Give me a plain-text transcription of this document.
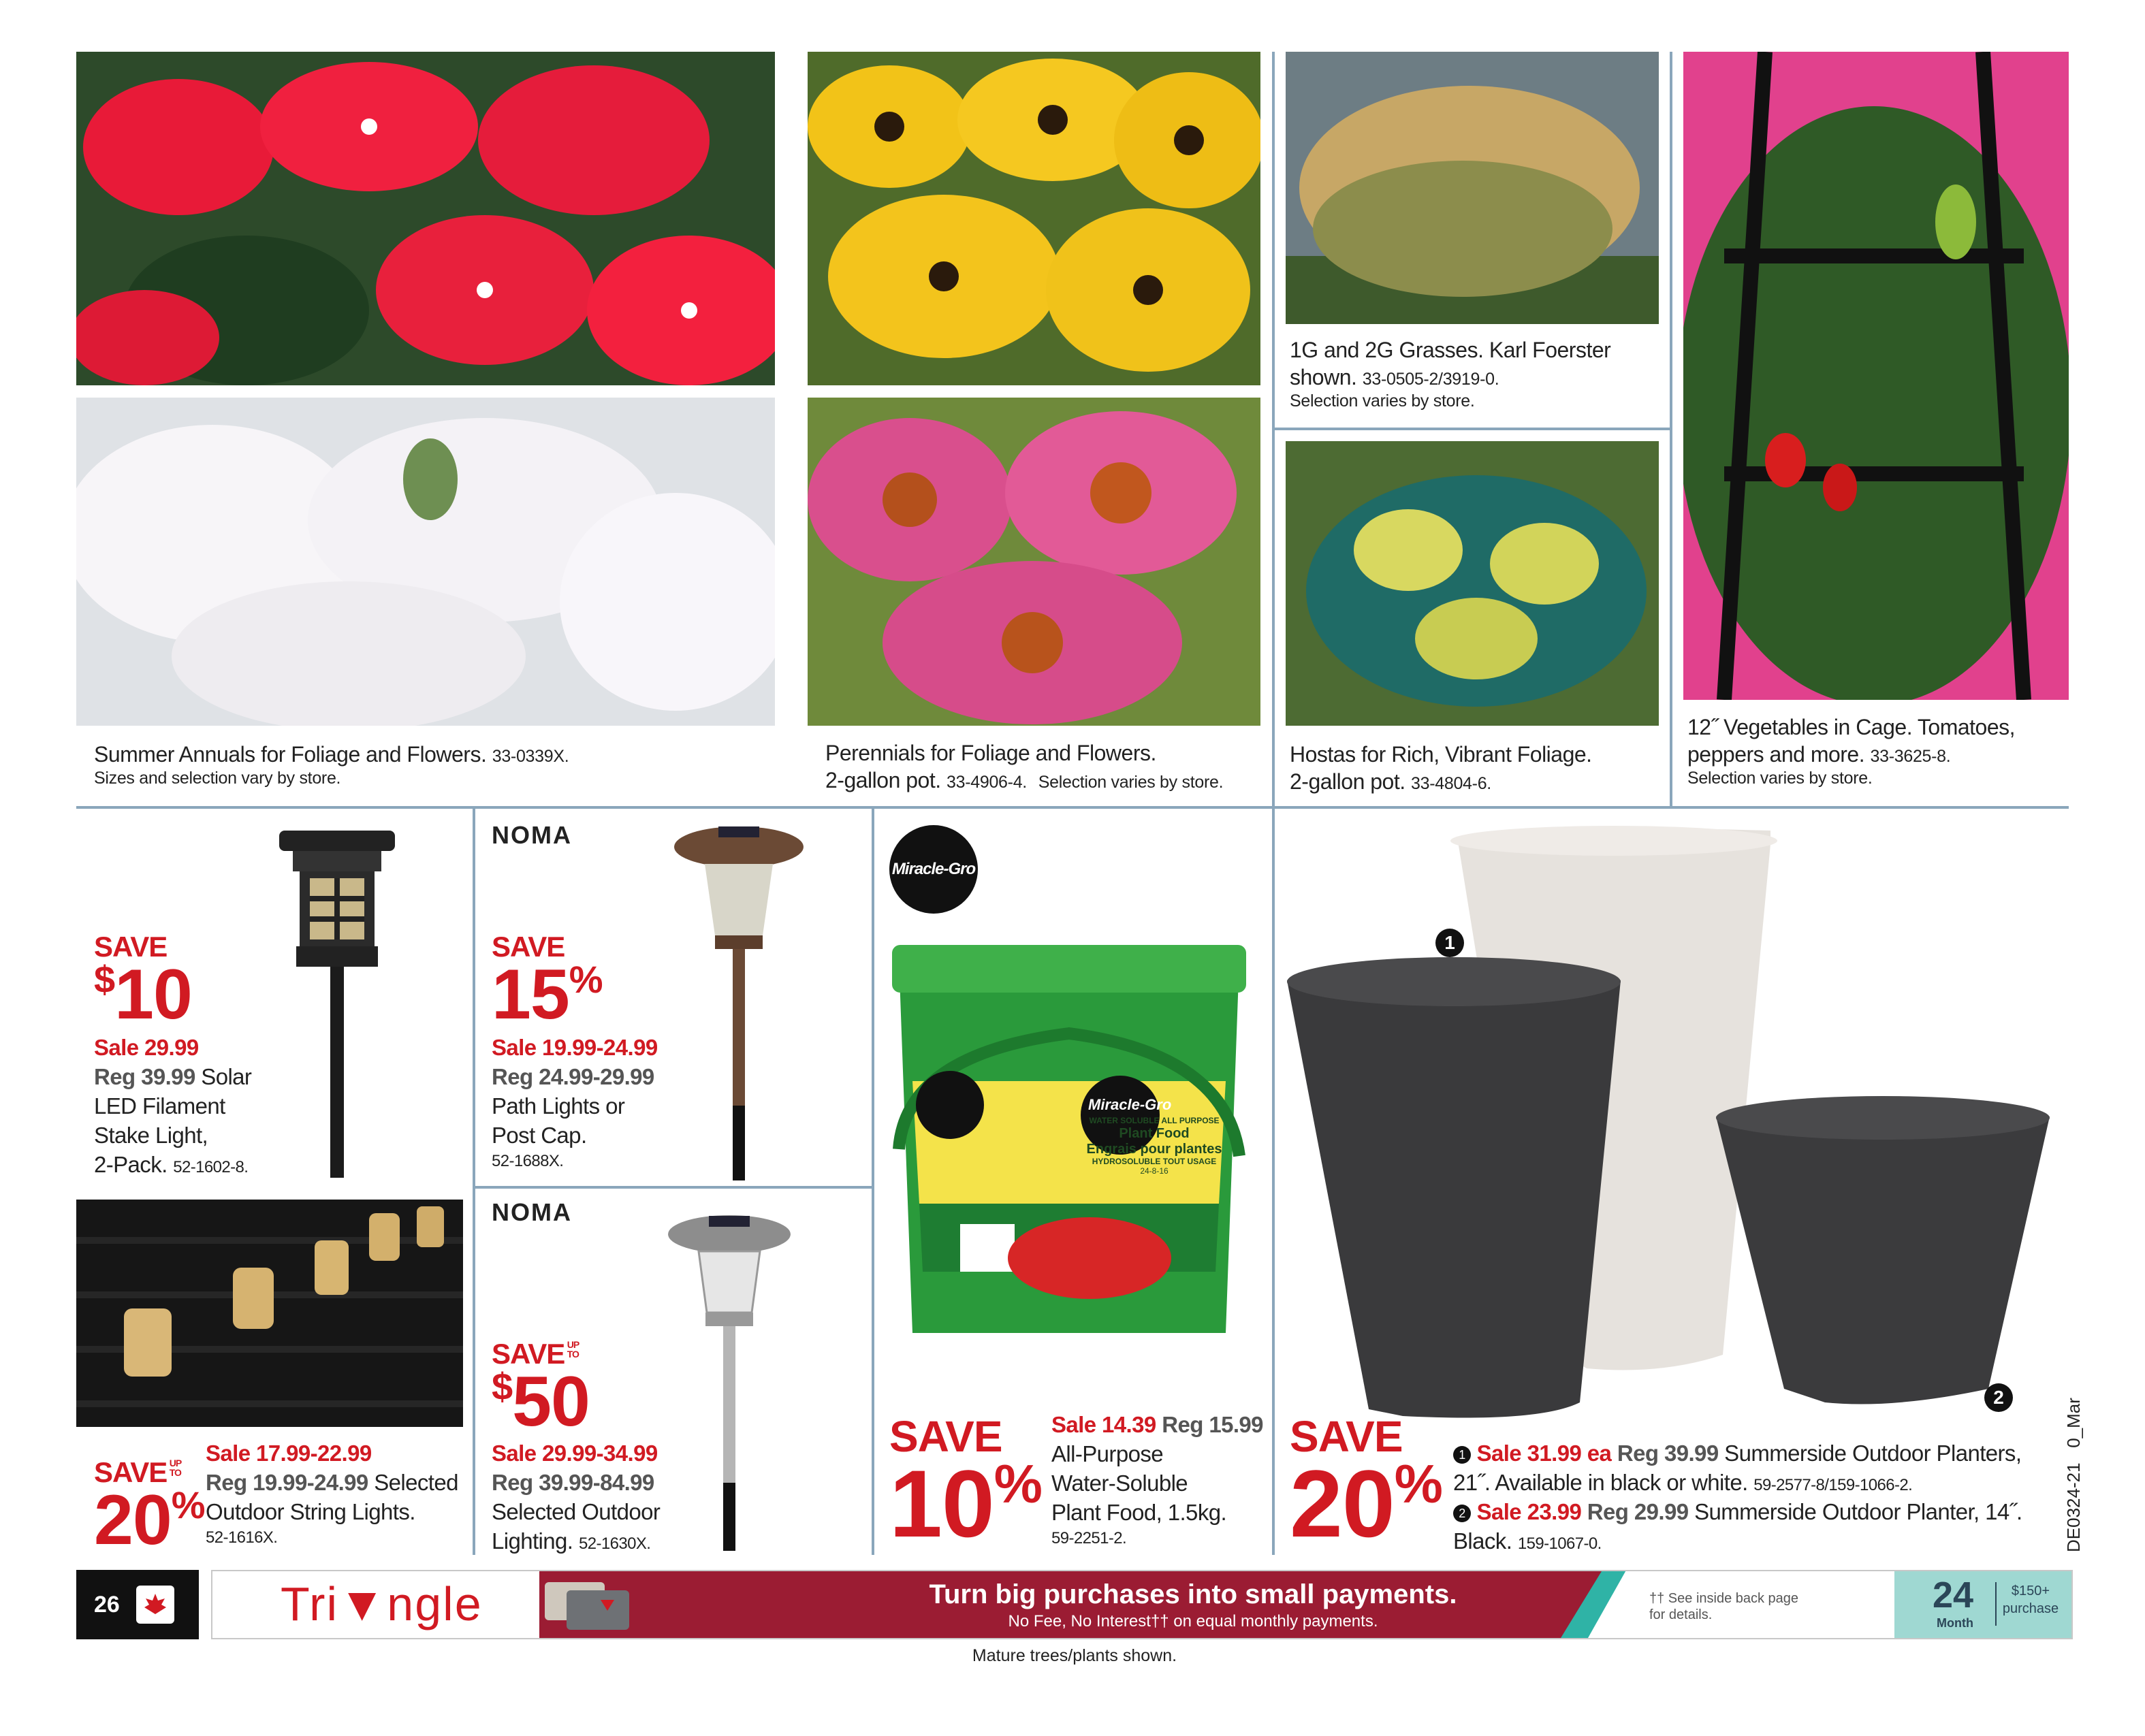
Summer Annuals for Foliage and Flowers. 33-0339X.
Sizes and selection vary by store.
Perennials for Foliage and Flowers.
2-gallon pot. 33-4906-4. Selection varies by store.
1G and 2G Grasses. Karl Foerster
shown. 33-0505-2/3919-0.
Selection varies by store.
Hostas for Rich, Vibrant Foliage.
2-gallon pot. 33-4804-6.
12˝ Vegetables in Cage. Tomatoes,
peppers and more. 33-3625-8.
Selection varies by store.
SAVE
$10
Sale 29.99
Reg 39.99 Solar
LED Filament
Stake Light,
2-Pack. 52-1602-8.
NOMA
SAVE
15%
Sale 19.99-24.99
Reg 24.99-29.99
Path Lights or
Post Cap.
52-1688X.
SAVE UP TO
20%
Sale 17.99-22.99
Reg 19.99-24.99 Selected
Outdoor String Lights.
52-1616X.
NOMA
SAVE UP TO
$50
Sale 29.99-34.99
Reg 39.99-84.99
Selected Outdoor
Lighting. 52-1630X.
Miracle-Gro
WATER SOLUBLE ALL PURPOSE
Plant Food
Engrais pour plantes
HYDROSOLUBLE TOUT USAGE
24-8-16
Miracle-Gro
SAVE
10%
Sale 14.39 Reg 15.99
All-Purpose
Water-Soluble
Plant Food, 1.5kg.
59-2251-2.
1
2
SAVE
20%	1 Sale 31.99 ea Reg 39.99 Summerside Outdoor Planters,
21˝. Available in black or white. 59-2577-8/159-1066-2.
2 Sale 23.99 Reg 29.99 Summerside Outdoor Planter, 14˝.
Black. 159-1067-0.	DE0324-21   0_Mar
26	Tri▼ngle	Turn big purchases into small payments.
No Fee, No Interest†† on equal monthly payments.
†† See inside back page
for details.	24
Month
$150+
purchase
Mature trees/plants shown.
